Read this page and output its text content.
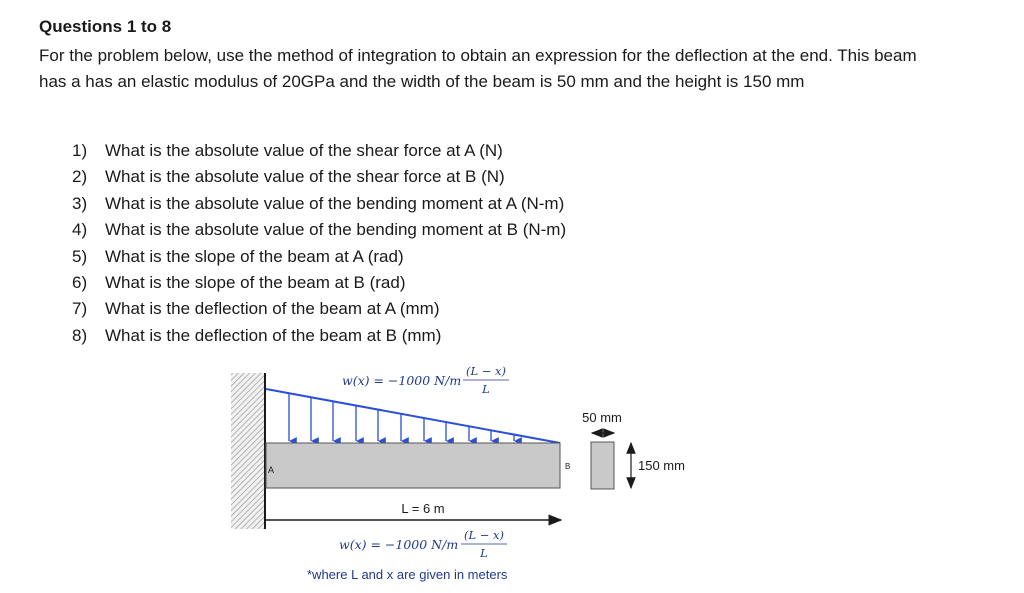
Questions 1 to 8
For the problem below, use the method of integration to obtain an expression for the deflection at the end. This beam has a has an elastic modulus of 20GPa and the width of the beam is 50 mm and the height is 150 mm
1) What is the absolute value of the shear force at A (N)
2) What is the absolute value of the shear force at B (N)
3) What is the absolute value of the bending moment at A (N-m)
4) What is the absolute value of the bending moment at B (N-m)
5) What is the slope of the beam at A (rad)
6) What is the slope of the beam at B (rad)
7) What is the deflection of the beam at A (mm)
8) What is the deflection of the beam at B (mm)
w(x) = −1000 N/m
(L − x)
L
A	B
L = 6 m
w(x) = −1000 N/m
(L − x)
L
*where L and x are given in meters
50 mm
150 mm
